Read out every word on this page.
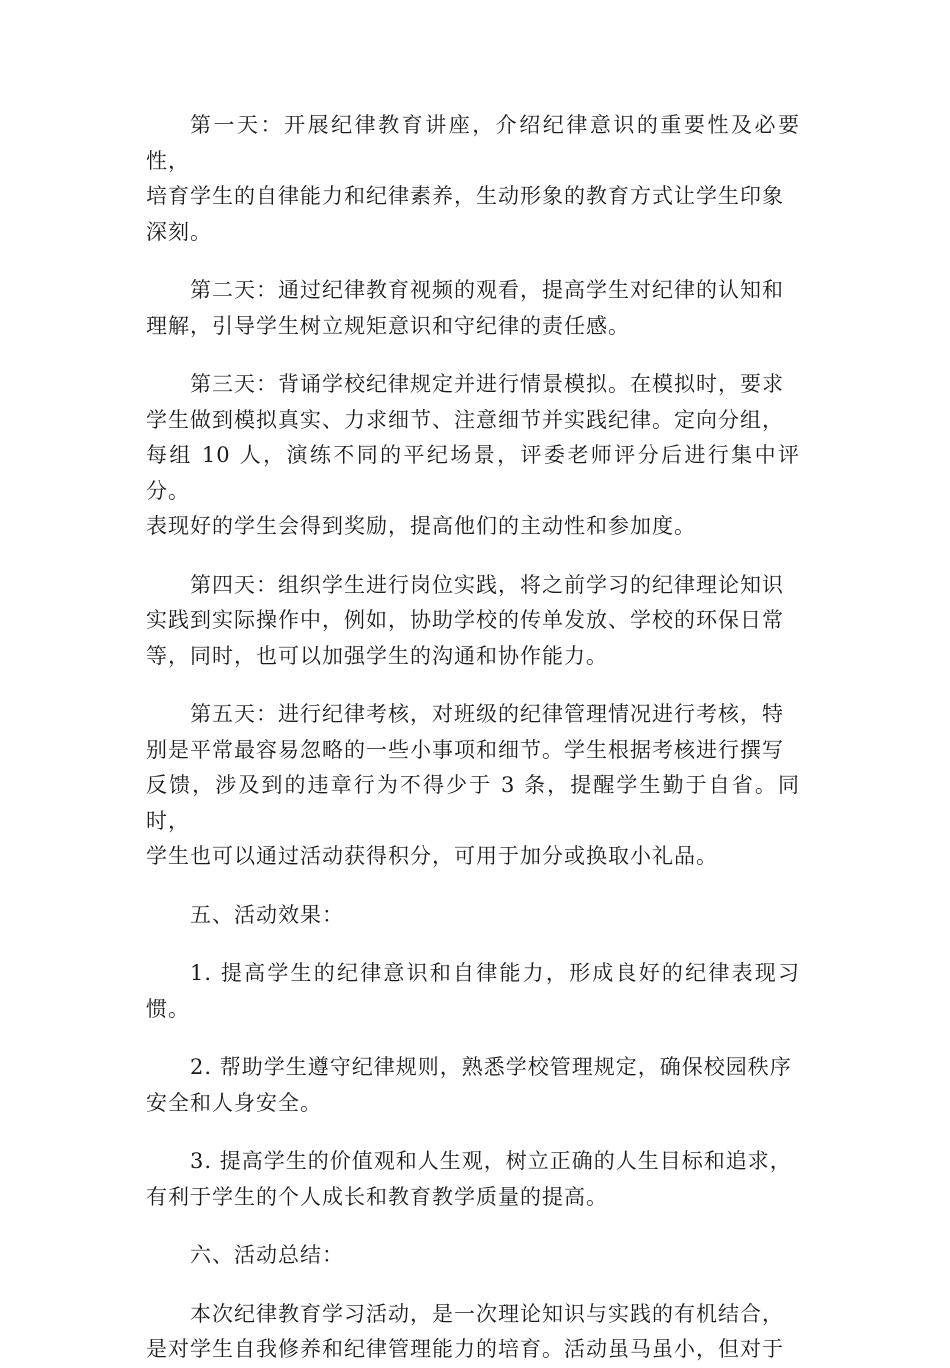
第一天：开展纪律教育讲座，介绍纪律意识的重要性及必要性，
培育学生的自律能力和纪律素养，生动形象的教育方式让学生印象
深刻。

第二天：通过纪律教育视频的观看，提高学生对纪律的认知和
理解，引导学生树立规矩意识和守纪律的责任感。

第三天：背诵学校纪律规定并进行情景模拟。在模拟时，要求
学生做到模拟真实、力求细节、注意细节并实践纪律。定向分组，
每组 10 人，演练不同的平纪场景，评委老师评分后进行集中评分。
表现好的学生会得到奖励，提高他们的主动性和参加度。

第四天：组织学生进行岗位实践，将之前学习的纪律理论知识
实践到实际操作中，例如，协助学校的传单发放、学校的环保日常
等，同时，也可以加强学生的沟通和协作能力。

第五天：进行纪律考核，对班级的纪律管理情况进行考核，特
别是平常最容易忽略的一些小事项和细节。学生根据考核进行撰写
反馈，涉及到的违章行为不得少于 3 条，提醒学生勤于自省。同时，
学生也可以通过活动获得积分，可用于加分或换取小礼品。

五、活动效果：

1. 提高学生的纪律意识和自律能力，形成良好的纪律表现习惯。

2. 帮助学生遵守纪律规则，熟悉学校管理规定，确保校园秩序
安全和人身安全。

3. 提高学生的价值观和人生观，树立正确的人生目标和追求，
有利于学生的个人成长和教育教学质量的提高。

六、活动总结：

本次纪律教育学习活动，是一次理论知识与实践的有机结合，
是对学生自我修养和纪律管理能力的培育。活动虽马虽小，但对于
